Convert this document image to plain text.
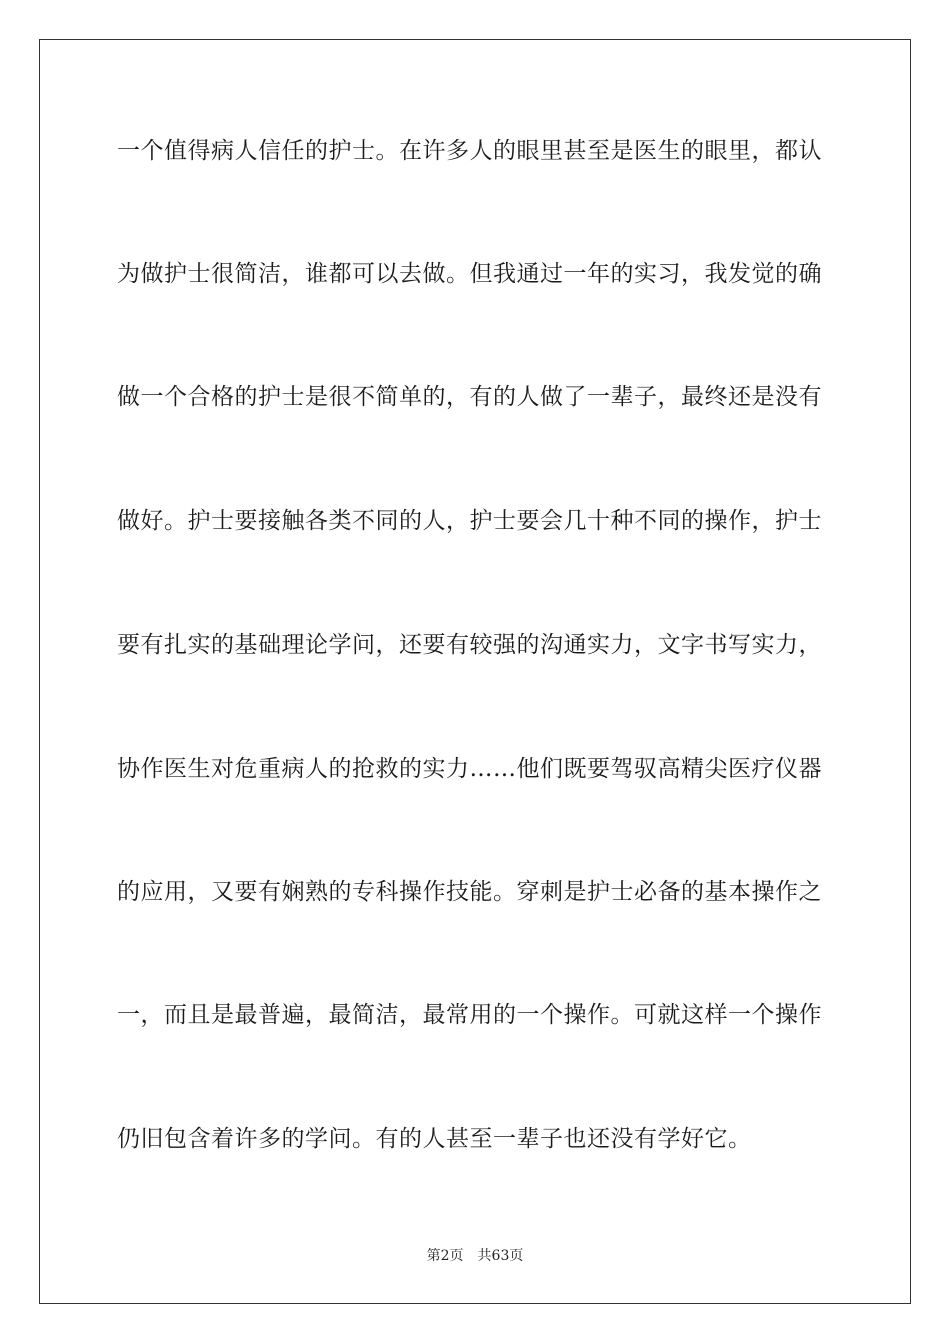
一个值得病人信任的护士。在许多人的眼里甚至是医生的眼里，都认
为做护士很简洁，谁都可以去做。但我通过一年的实习，我发觉的确
做一个合格的护士是很不简单的，有的人做了一辈子，最终还是没有
做好。护士要接触各类不同的人，护士要会几十种不同的操作，护士
要有扎实的基础理论学问，还要有较强的沟通实力，文字书写实力，
协作医生对危重病人的抢救的实力……他们既要驾驭高精尖医疗仪器
的应用，又要有娴熟的专科操作技能。穿刺是护士必备的基本操作之
一，而且是最普遍，最简洁，最常用的一个操作。可就这样一个操作
仍旧包含着许多的学问。有的人甚至一辈子也还没有学好它。
第2页 共63页
